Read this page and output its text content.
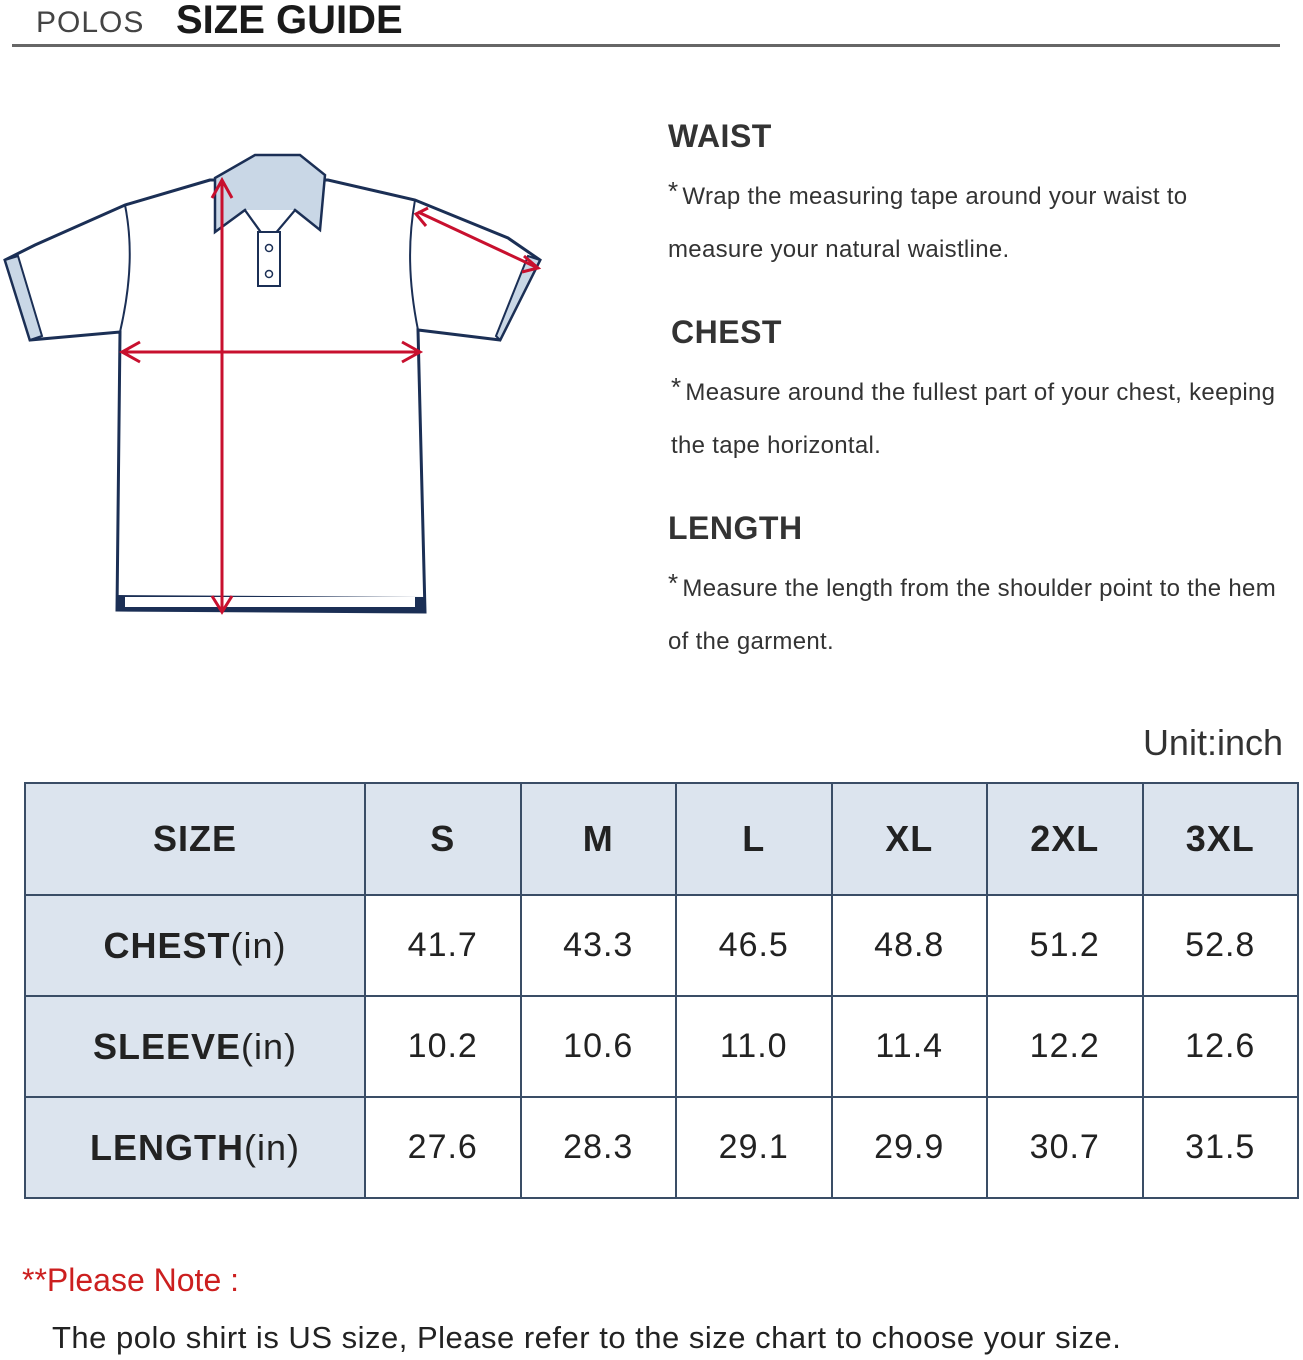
POLOS SIZE GUIDE
WAIST

* Wrap the measuring tape around your waist to measure your natural waistline.

CHEST

* Measure around the fullest part of your chest, keeping the tape horizontal.

LENGTH

* Measure the length from the shoulder point to the hem of the garment.

Unit:inch
SIZE	S	M	L	XL	2XL	3XL
CHEST(in)	41.7	43.3	46.5	48.8	51.2	52.8
SLEEVE(in)	10.2	10.6	11.0	11.4	12.2	12.6
LENGTH(in)	27.6	28.3	29.1	29.9	30.7	31.5
**Please Note :
The polo shirt is US size, Please refer to the size chart to choose your size.
